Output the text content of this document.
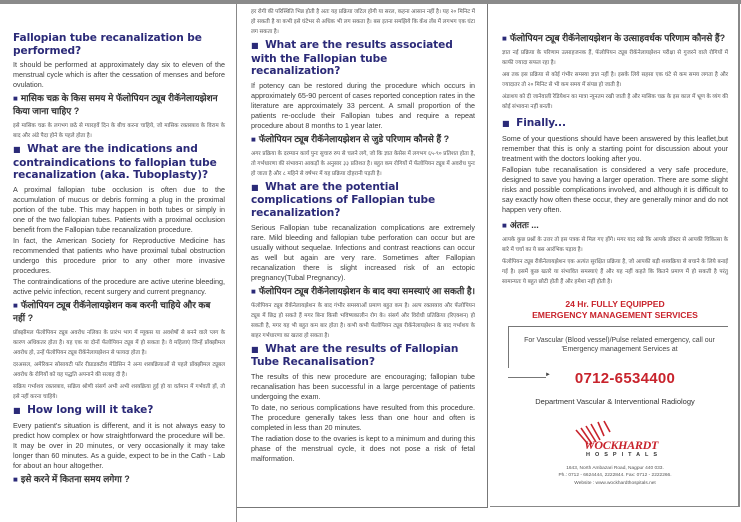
Fallopian tube recanalization be performed?

It should be performed at approximately day six to eleven of the menstrual cycle which is after the cessation of menses and before ovulation.

■ मासिक चक्र के किस समय मे फॅलोपियन ट्यूब रीकॅनेलायझेशन किया जाना चाहिए ?

इसे मासिक चक्र के लगभग छठे से ग्यारहवें दिन के बीच करना चाहिये, जो मासिक रक्तस्त्राव के विराम के बाद और अंडे पैदा होने के पहले होता है।

■ What are the indications and contraindications to fallopian tube recanalization (aka. Tuboplasty)?

A proximal fallopian tube occlusion is often due to the accumulation of mucus or debris forming a plug in the proximal portion of the tube. This may happen in both tubes or simply in one of the two fallopian tubes. Patients with a proximal occlusion benefit from the Fallopian tube recanalization procedure.

In fact, the American Society for Reproductive Medicine has recommended that patients who have proximal tubal obstruction undergo this procedure prior to any other more invasive procedures.

The contraindications of the procedure are active uterine bleeding, active pelvic infection, recent surgery and current pregnancy.

■ फॅलोपियन ट्यूब रीकॅनेलायझेशन कब करनी चाहिये और कब नहीं ?

प्रॉक्झीमल फॅलोपियन ट्यूब अवरोध नलिका के प्रारंभ भाग में म्यूकस या अवशेषों से बनने वाले प्लग के कारण अधिकतर होता है। यह एक या दोनों फॅलोपियन ट्यूब में हो सकता है। वे महिलाएं जिन्हें प्रॉक्झीमल अवरोध हो, उन्हें फॅलोपियन ट्यूब रीकॅनेलायझेशन से फायदा होता है।

दरअसल, अमेरिकन सोसायटी फॉर रीप्राडक्टीव मेडिसिन ने अन्य शस्त्रक्रियाओं से पहले प्रॉक्झीमल ट्यूबल अवरोध के रोगियों को यह पद्धति अपनाने की सलाह दी है।

सक्रिय गर्भाशय रक्तस्त्राव, सक्रिय श्रोणी संसर्ग अभी अभी शस्त्रक्रिया हुई हो या वर्तमान में गर्भवती हों, तो इसे नहीं करना चाहिये।

■ How long will it take?

Every patient's situation is different, and it is not always easy to predict how complex or how straightforward the procedure will be. It may be over in 20 minutes, or very occasionally it may take longer than 60 minutes. As a guide, expect to be in the Cath - Lab for about an hour altogether.

■ इसे करने में कितना समय लगेगा ?

हर रोगी की परिस्थिति भिन्न होती है अतः यह प्रक्रिया जटिल होगी या सरल, कहना आसान नहीं है। यह २० मिनिट में हो सकती है या कभी इसे घंटेभर से अधिक भी लग सकता है। बस इतना समझिये कि कॅथ लॅब में लगभग एक घंटा लग सकता है।

■ What are the results associated with the Fallopian tube recanalization?

If potency can be restored during the procedure which occurs in approximately 65-90 percent of cases reported conception rates in the literature are approximately 33 percent. A small proportion of the patients re-occlude their Fallopian tubes and require a repeat procedure about 8 months to 1 year later.

■ फॅलोपियन ट्यूब रीकॅनेलायझेशन से जुडे परिणाम कौनसे हैं ?

अगर प्रक्रिया के दरम्यान कार्य पुनः सुचारु रुप से चलने लगे, जो कि ज्ञात केसेस में लगभग ६५-९० प्रतिशत होता है, तो गर्भधारणा की संभावना आकड़ों के अनुसार ३३ प्रतिशत है। बहुत कम रोगियों में फॅलोपियन ट्यूब में अवरोध पुनः हो जाता है और ८ महिने से वर्षभर में यह प्रक्रिया दोहरानी पड़ती है।

■ What are the potential complications of Fallopian tube recanalization?

Serious Fallopian tube recanalization complications are extremely rare. Mild bleeding and fallopian tube perforation can occur but are usually without sequelae. Infections and contrast reactions can occur as well but again are very rare. Sometimes after Fallopian recanalization there is slight increased risk of an ectopic pregnancy(Tubal Pregnancy).

■ फॅलोपियन ट्यूब रीकॅनेलायझेशन के बाद क्या समस्याएं आ सकती है।

फॅलोपियन ट्यूब रीकॅनेलायझेशन के बाद गंभीर समस्याओं प्रमाण बहुत कम है। अल्प रक्तस्त्राव और फॅलोपियन ट्यूब में छिद्र हो सकते हैं मगर बिना किसी भविष्यकालीन रोग के। संसर्ग और विरोधी प्रतिक्रिया (रिएक्शन) हो सकती है, मगर यह भी बहुत कम बार होता है। कभी कभी फॅलोपियन ट्यूब रीकॅनेलायझेशन के बाद गर्भाशय के बाहर गर्भधारणा का खतरा हो सकता है।

■ What are the results of Fallopian Tube Recanalisation?

The results of this new procedure are encouraging; fallopian tube recanalisation has been successful in a large percentage of patients undergoing the exam.

To date, no serious complications have resulted from this procedure. The procedure generally takes less than one hour and often is completed in less than 20 minutes.

The radiation dose to the ovaries is kept to a minimum and during this phase of the menstrual cycle, it does not pose a risk of fetal malformation.

■ फॅलोपियन ट्यूब रीकॅनेलायझेशन के उत्साहवर्धक परिणाम कौनसे हैं?

ज्ञात नई प्रक्रिया के परिणाम उत्साहजनक हैं, फॅलोपियन ट्यूब रीकॅनेलायझेशन परीक्षा से गुजरने वाले रोगियों में काफी ज्यादा सफल रहा है।

अब तक इस प्रक्रिया से कोई गंभीर समस्या ज्ञात नहीं है। इसके लिये सहसा एक घंटे से कम समय लगता है और ज्यादातर तो २० मिनिट से भी कम समय में संपन्न हो जाती है।

अंडाशय को दी जानेवाली रेडियेशन का मात्रा न्यूनतम रखी जाती है और मासिक चक्र के इस काल में भ्रूण के व्यंग की कोई संभावना नहीं बनती।

■ Finally...

Some of your questions should have been answered by this leaflet,but remember that this is only a starting point for discussion about your treatment with the doctors looking after you.

Fallopian tube recanalisation is considered a very safe procedure, designed to save you having a larger operation. There are some slight risks and possible complications involved, and although it is difficult to say exactly how often these occur, they are generally minor and do not happen very often.

■ अंततः ...

आपके कुछ प्रश्नों के उत्तर तो इस पत्रक से मिल गए होंगे। मगर याद रखे कि आपके डॉक्टर से आपकी चिकित्सा के बारे में चर्चा का ये बस आरंभिक पड़ाव है।

फॅलोपियन ट्यूब रीकॅनेलायझेशन एक अत्यंत सुरक्षित प्रक्रिया है, जो आपकी बड़ी शस्त्रक्रिया से बचाने के लिये बनाई गई है। इसमें कुछ खतरे या संभावित समस्याएं हैं और यह नहीं कहते कि कितने प्रमाण में हो सकती है परंतु सामान्यतः ये बहुत छोटी होती हैं और हमेशा नहीं होती है।

24 Hr. FULLY EQUIPPED
EMERGENCY MANAGEMENT SERVICES
For Vascular (Blood vessel)/Pulse related emergency, call our 'Emergency management Services at
►	0712-6534400
Department Vascular & Interventional Radiology
WOCKHARDT
HOSPITALS
1643, North Ambazari Road, Nagpur 440 033.
Ph.: 0712 - 6624444, 2222844. Fax: 0712 - 2222266.
Website : www.wockhardthospitals.net
